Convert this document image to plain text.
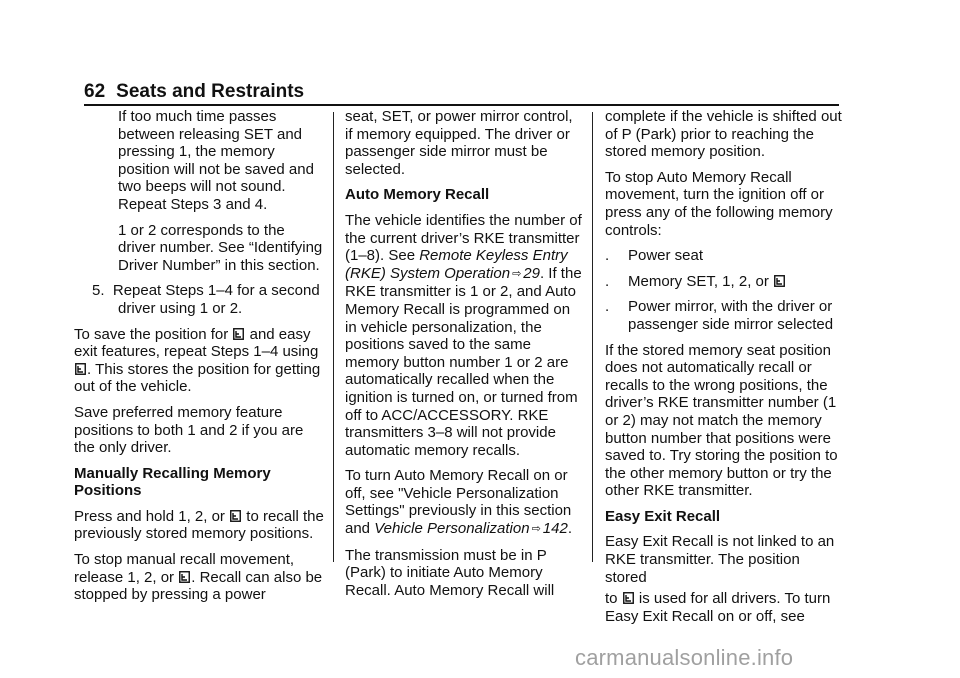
62 Seats and Restraints

If too much time passes between releasing SET and pressing 1, the memory position will not be saved and two beeps will not sound. Repeat Steps 3 and 4.

1 or 2 corresponds to the driver number. See “Identifying Driver Number” in this section.

5. Repeat Steps 1–4 for a second driver using 1 or 2.

To save the position for and easy exit features, repeat Steps 1–4 using
. This stores the position for getting out of the vehicle.

Save preferred memory feature positions to both 1 and 2 if you are the only driver.

Manually Recalling Memory Positions

Press and hold 1, 2, or to recall the previously stored memory positions.

To stop manual recall movement, release 1, 2, or . Recall can also be stopped by pressing a power

seat, SET, or power mirror control, if memory equipped. The driver or passenger side mirror must be selected.

Auto Memory Recall

The vehicle identifies the number of the current driver’s RKE transmitter (1–8). See Remote Keyless Entry (RKE) System Operation ⇨ 29. If the RKE transmitter is 1 or 2, and Auto Memory Recall is programmed on in vehicle personalization, the positions saved to the same memory button number 1 or 2 are automatically recalled when the ignition is turned on, or turned from off to ACC/ACCESSORY. RKE transmitters 3–8 will not provide automatic memory recalls.

To turn Auto Memory Recall on or off, see "Vehicle Personalization Settings" previously in this section and Vehicle Personalization ⇨ 142.

The transmission must be in P (Park) to initiate Auto Memory Recall. Auto Memory Recall will

complete if the vehicle is shifted out of P (Park) prior to reaching the stored memory position.

To stop Auto Memory Recall movement, turn the ignition off or press any of the following memory controls:

. Power seat

. Memory SET, 1, 2, or

. Power mirror, with the driver or passenger side mirror selected

If the stored memory seat position does not automatically recall or recalls to the wrong positions, the driver’s RKE transmitter number (1 or 2) may not match the memory button number that positions were saved to. Try storing the position to the other memory button or try the other RKE transmitter.

Easy Exit Recall

Easy Exit Recall is not linked to an RKE transmitter. The position stored

to is used for all drivers. To turn Easy Exit Recall on or off, see

carmanualsonline.info
